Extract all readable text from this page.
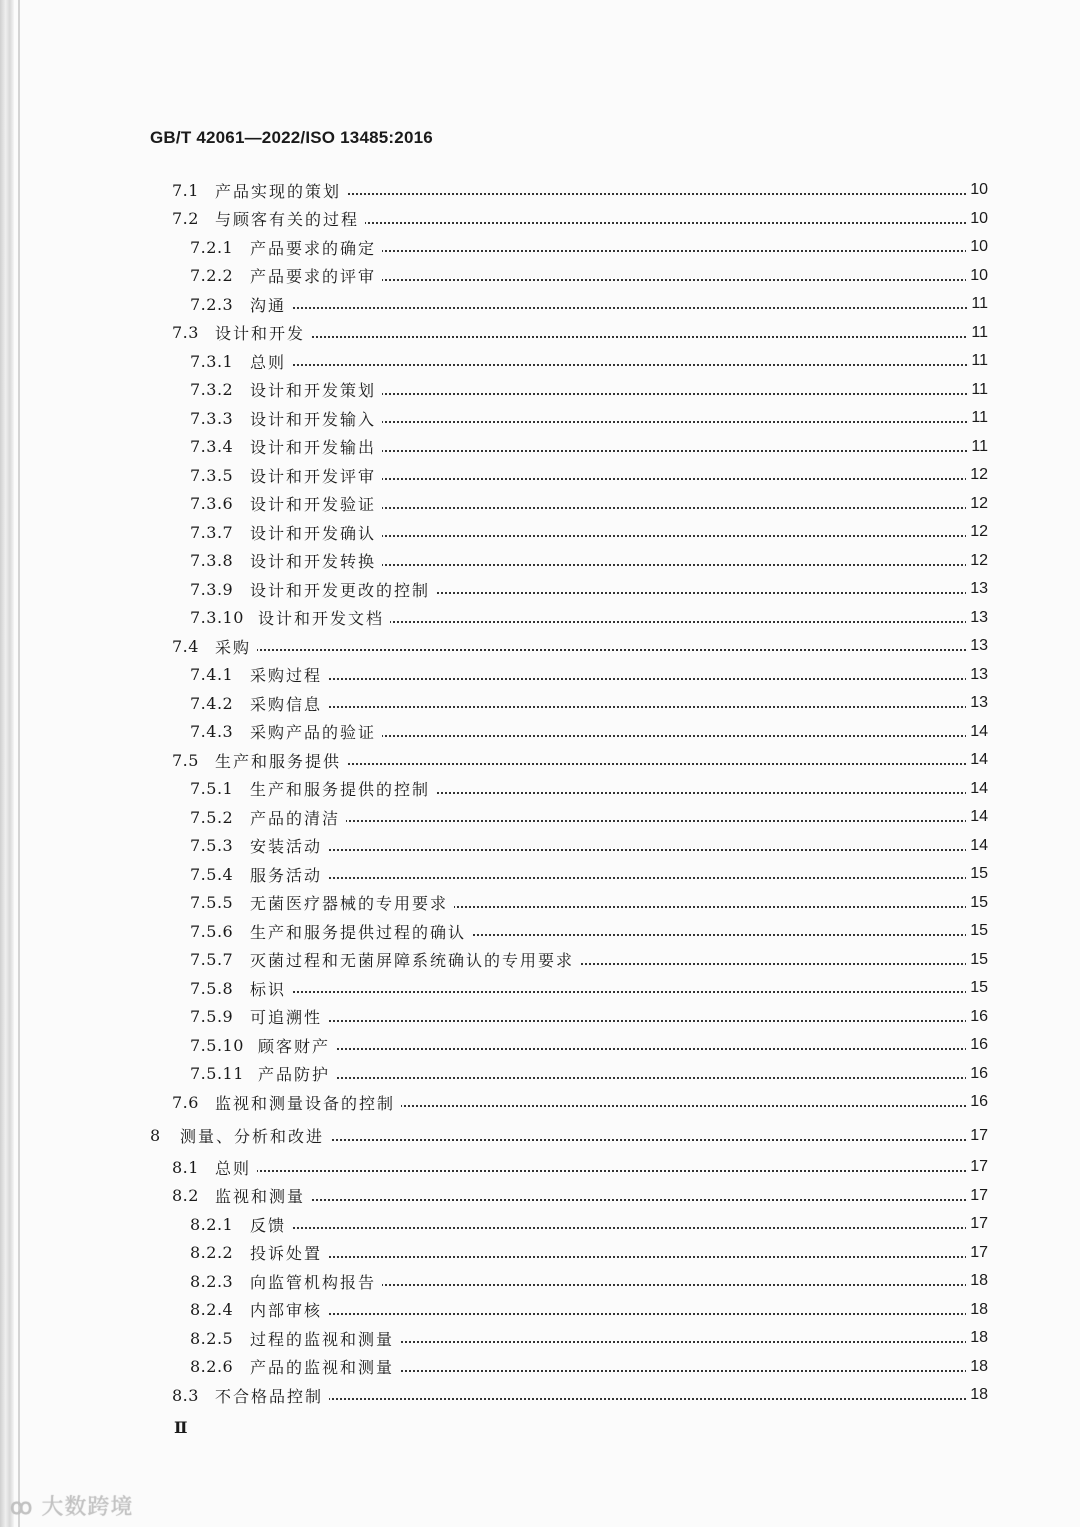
GB/T 42061—2022/ISO 13485:2016
7.1 产品实现的策划	10
7.2 与顾客有关的过程	10
7.2.1 产品要求的确定	10
7.2.2 产品要求的评审	10
7.2.3 沟通	11
7.3 设计和开发	11
7.3.1 总则	11
7.3.2 设计和开发策划	11
7.3.3 设计和开发输入	11
7.3.4 设计和开发输出	11
7.3.5 设计和开发评审	12
7.3.6 设计和开发验证	12
7.3.7 设计和开发确认	12
7.3.8 设计和开发转换	12
7.3.9 设计和开发更改的控制	13
7.3.10 设计和开发文档	13
7.4 采购	13
7.4.1 采购过程	13
7.4.2 采购信息	13
7.4.3 采购产品的验证	14
7.5 生产和服务提供	14
7.5.1 生产和服务提供的控制	14
7.5.2 产品的清洁	14
7.5.3 安装活动	14
7.5.4 服务活动	15
7.5.5 无菌医疗器械的专用要求	15
7.5.6 生产和服务提供过程的确认	15
7.5.7 灭菌过程和无菌屏障系统确认的专用要求	15
7.5.8 标识	15
7.5.9 可追溯性	16
7.5.10 顾客财产	16
7.5.11 产品防护	16
7.6 监视和测量设备的控制	16
8 测量、分析和改进	17
8.1 总则	17
8.2 监视和测量	17
8.2.1 反馈	17
8.2.2 投诉处置	17
8.2.3 向监管机构报告	18
8.2.4 内部审核	18
8.2.5 过程的监视和测量	18
8.2.6 产品的监视和测量	18
8.3 不合格品控制	18
Ⅱ
ꝏ 大数跨境
